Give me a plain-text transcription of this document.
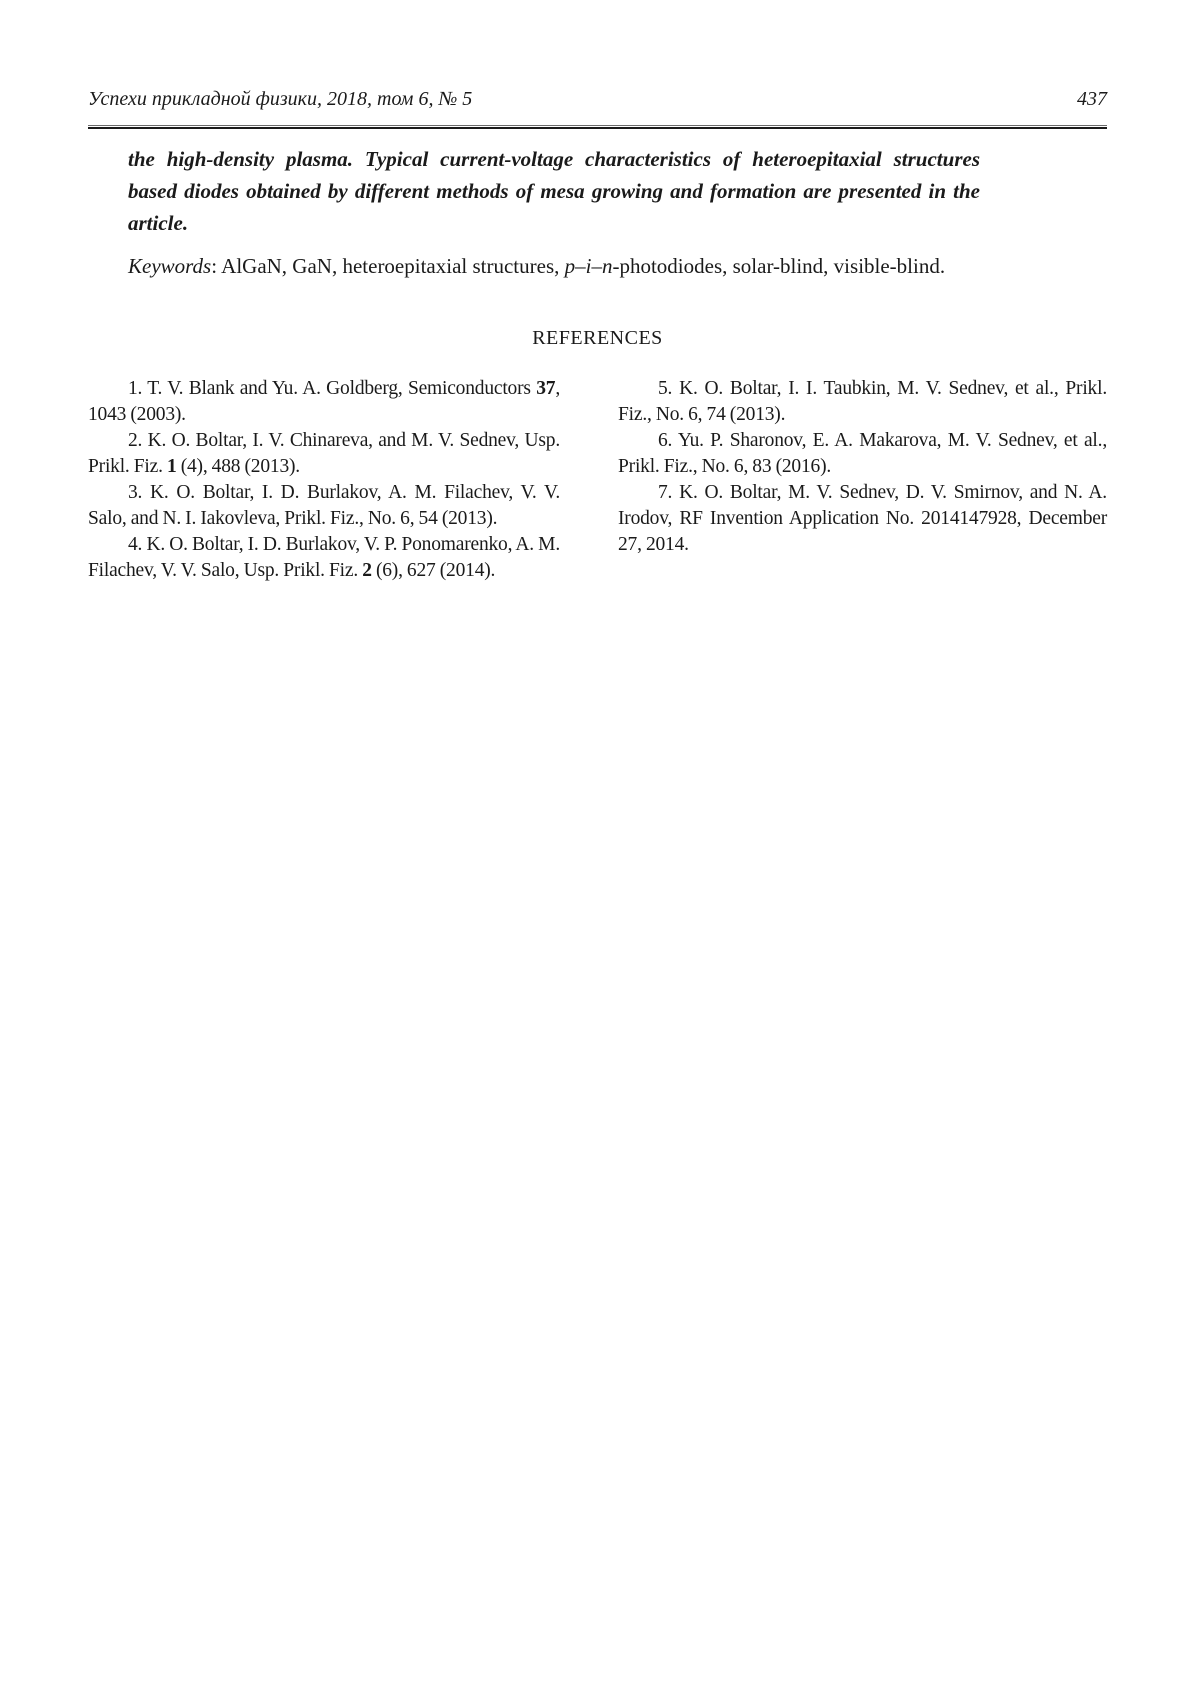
Успехи прикладной физики, 2018, том 6, № 5	437

the high-density plasma. Typical current-voltage characteristics of heteroepitaxial structures based diodes obtained by different methods of mesa growing and formation are presented in the article.

Keywords: AlGaN, GaN, heteroepitaxial structures, p–i–n-photodiodes, solar-blind, visible-blind.

REFERENCES

1. T. V. Blank and Yu. A. Goldberg, Semiconductors 37, 1043 (2003).

2. K. O. Boltar, I. V. Chinareva, and M. V. Sednev, Usp. Prikl. Fiz. 1 (4), 488 (2013).

3. K. O. Boltar, I. D. Burlakov, A. M. Filachev, V. V. Salo, and N. I. Iakovleva, Prikl. Fiz., No. 6, 54 (2013).

4. K. O. Boltar, I. D. Burlakov, V. P. Ponomarenko, A. M. Filachev, V. V. Salo, Usp. Prikl. Fiz. 2 (6), 627 (2014).

5. K. O. Boltar, I. I. Taubkin, M. V. Sednev, et al., Prikl. Fiz., No. 6, 74 (2013).

6. Yu. P. Sharonov, E. A. Makarova, M. V. Sednev, et al., Prikl. Fiz., No. 6, 83 (2016).

7. K. O. Boltar, M. V. Sednev, D. V. Smirnov, and N. A. Irodov, RF Invention Application No. 2014147928, December 27, 2014.
